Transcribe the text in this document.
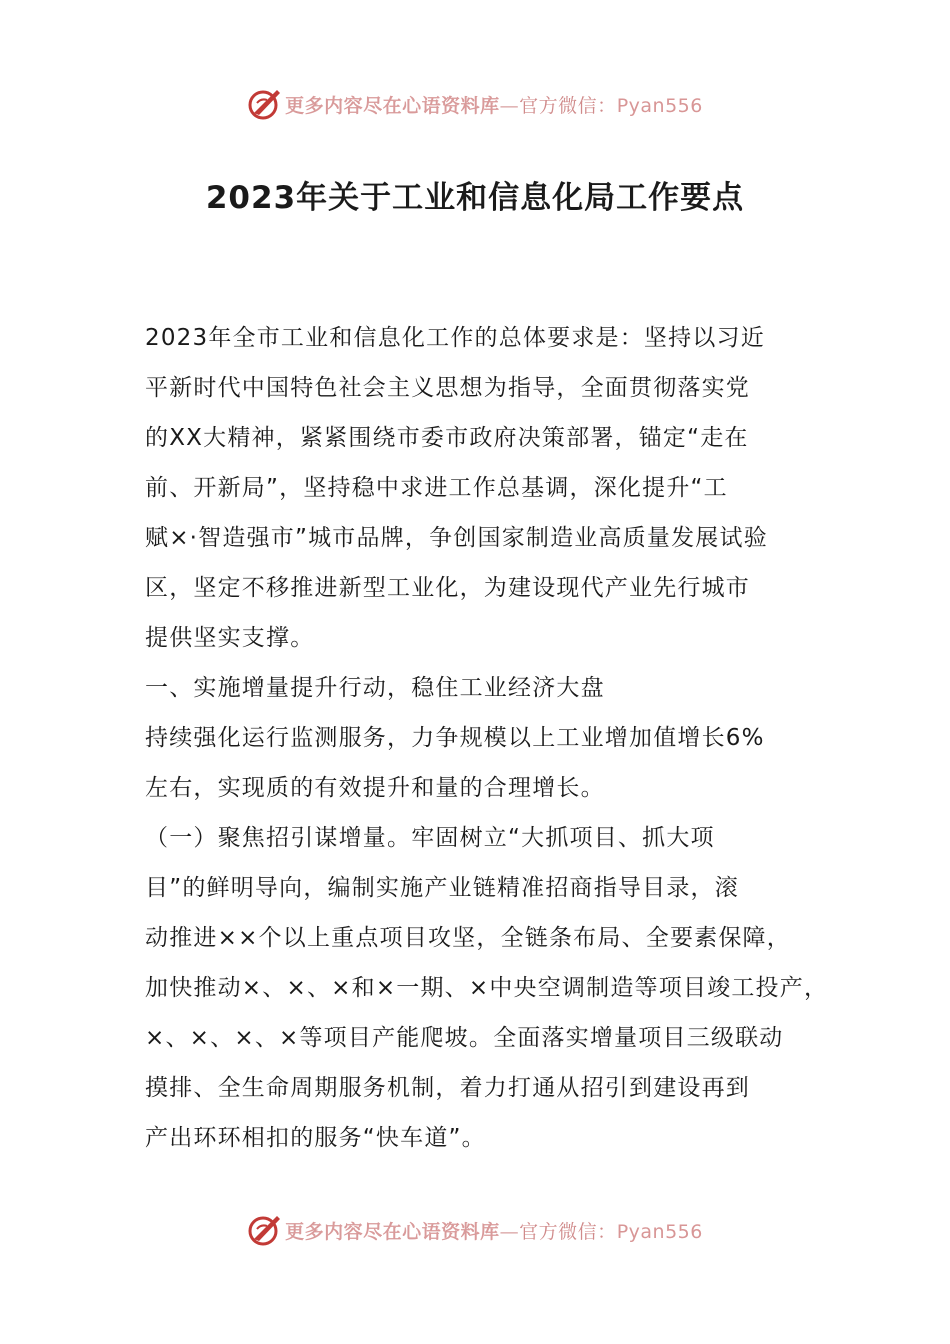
更多内容尽在心语资料库—官方微信：Pyan556
2023年关于工业和信息化局工作要点
2023年全市工业和信息化工作的总体要求是：坚持以习近
平新时代中国特色社会主义思想为指导，全面贯彻落实党
的XX大精神，紧紧围绕市委市政府决策部署，锚定“走在
前、开新局”，坚持稳中求进工作总基调，深化提升“工
赋×·智造强市”城市品牌，争创国家制造业高质量发展试验
区，坚定不移推进新型工业化，为建设现代产业先行城市
提供坚实支撑。
一、实施增量提升行动，稳住工业经济大盘
持续强化运行监测服务，力争规模以上工业增加值增长6%
左右，实现质的有效提升和量的合理增长。
（一）聚焦招引谋增量。牢固树立“大抓项目、抓大项
目”的鲜明导向，编制实施产业链精准招商指导目录，滚
动推进××个以上重点项目攻坚，全链条布局、全要素保障，
加快推动×、×、×和×一期、×中央空调制造等项目竣工投产，
×、×、×、×等项目产能爬坡。全面落实增量项目三级联动
摸排、全生命周期服务机制，着力打通从招引到建设再到
产出环环相扣的服务“快车道”。
更多内容尽在心语资料库—官方微信：Pyan556
